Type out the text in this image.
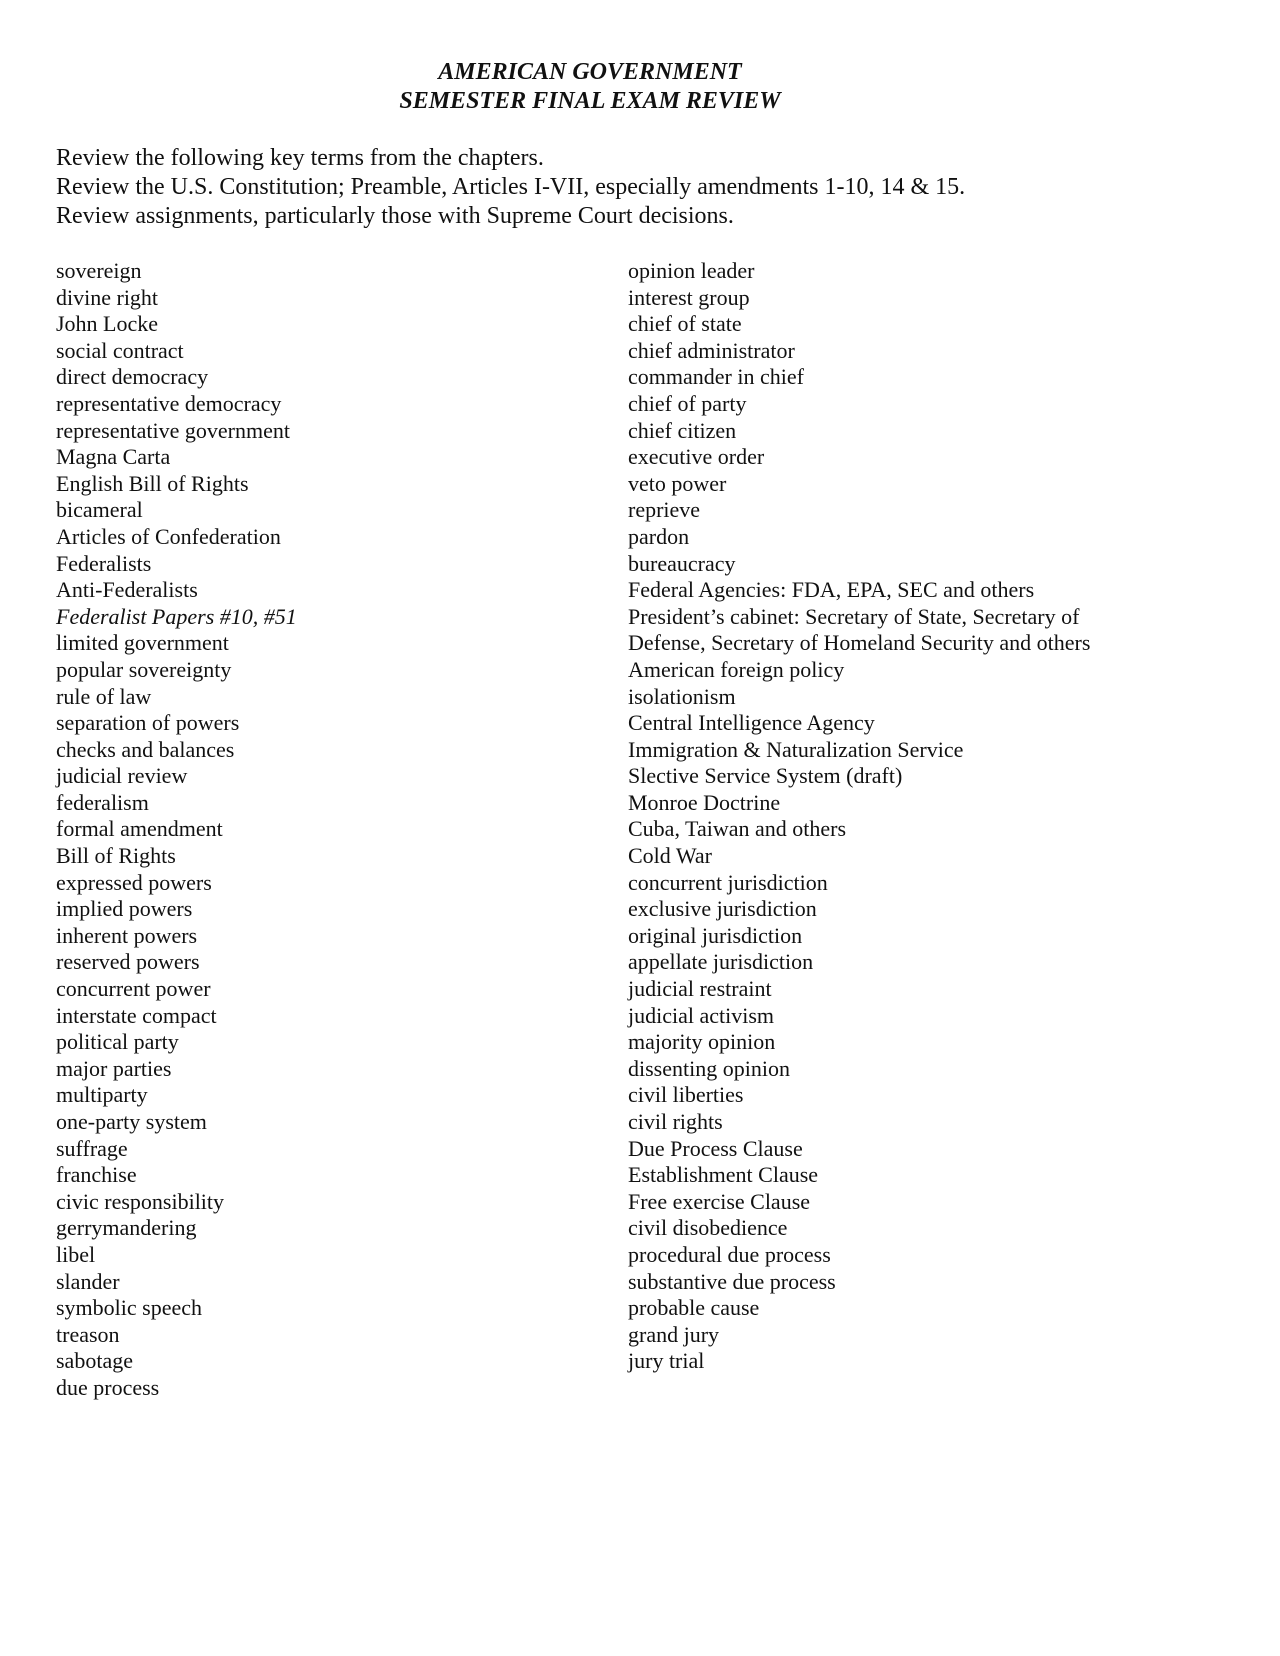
AMERICAN GOVERNMENT
SEMESTER FINAL EXAM REVIEW
Review the following key terms from the chapters.
Review the U.S. Constitution; Preamble, Articles I-VII, especially amendments 1-10, 14 & 15.
Review assignments, particularly those with Supreme Court decisions.
sovereign
divine right
John Locke
social contract
direct democracy
representative democracy
representative government
Magna Carta
English Bill of Rights
bicameral
Articles of Confederation
Federalists
Anti-Federalists
Federalist Papers #10, #51
limited government
popular sovereignty
rule of law
separation of powers
checks and balances
judicial review
federalism
formal amendment
Bill of Rights
expressed powers
implied powers
inherent powers
reserved powers
concurrent power
interstate compact
political party
major parties
multiparty
one-party system
suffrage
franchise
civic responsibility
gerrymandering
libel
slander
symbolic speech
treason
sabotage
due process
opinion leader
interest group
chief of state
chief administrator
commander in chief
chief of party
chief citizen
executive order
veto power
reprieve
pardon
bureaucracy
Federal Agencies: FDA, EPA, SEC and others
President’s cabinet: Secretary of State, Secretary of
Defense, Secretary of Homeland Security and others
American foreign policy
isolationism
Central Intelligence Agency
Immigration & Naturalization Service
Slective Service System (draft)
Monroe Doctrine
Cuba, Taiwan and others
Cold War
concurrent jurisdiction
exclusive jurisdiction
original jurisdiction
appellate jurisdiction
judicial restraint
judicial activism
majority opinion
dissenting opinion
civil liberties
civil rights
Due Process Clause
Establishment Clause
Free exercise Clause
civil disobedience
procedural due process
substantive due process
probable cause
grand jury
jury trial
